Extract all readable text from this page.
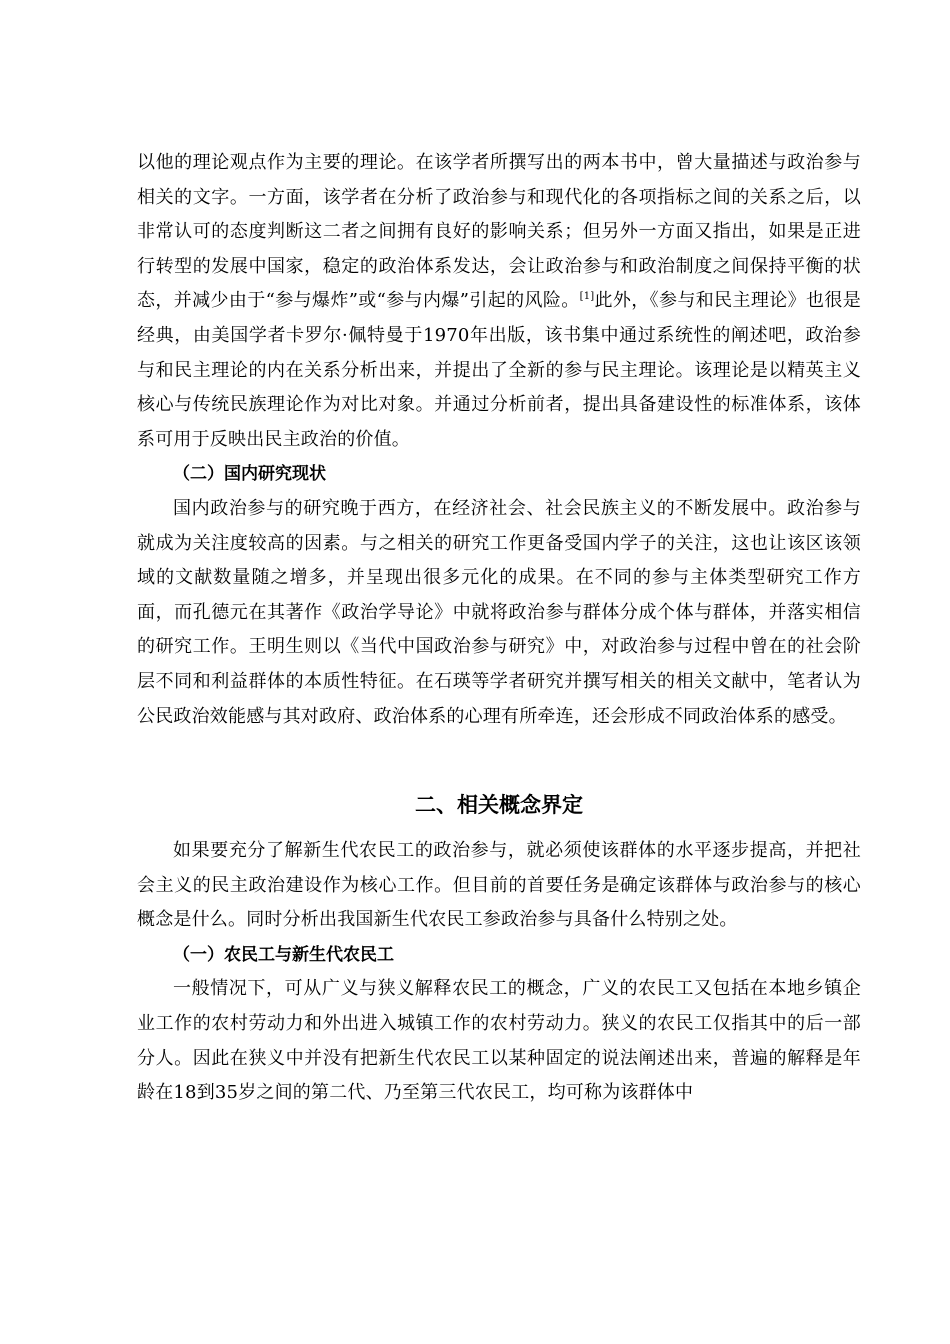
以他的理论观点作为主要的理论。在该学者所撰写出的两本书中，曾大量描述与政治参与相关的文字。一方面，该学者在分析了政治参与和现代化的各项指标之间的关系之后，以非常认可的态度判断这二者之间拥有良好的影响关系；但另外一方面又指出，如果是正进行转型的发展中国家，稳定的政治体系发达，会让政治参与和政治制度之间保持平衡的状态，并减少由于“参与爆炸”或“参与内爆”引起的风险。[1]此外，《参与和民主理论》也很是经典，由美国学者卡罗尔·佩特曼于1970年出版，该书集中通过系统性的阐述吧，政治参与和民主理论的内在关系分析出来，并提出了全新的参与民主理论。该理论是以精英主义核心与传统民族理论作为对比对象。并通过分析前者，提出具备建设性的标准体系，该体系可用于反映出民主政治的价值。

（二）国内研究现状

国内政治参与的研究晚于西方，在经济社会、社会民族主义的不断发展中。政治参与就成为关注度较高的因素。与之相关的研究工作更备受国内学子的关注，这也让该区该领域的文献数量随之增多，并呈现出很多元化的成果。在不同的参与主体类型研究工作方面，而孔德元在其著作《政治学导论》中就将政治参与群体分成个体与群体，并落实相信的研究工作。王明生则以《当代中国政治参与研究》中，对政治参与过程中曾在的社会阶层不同和利益群体的本质性特征。在石瑛等学者研究并撰写相关的相关文献中，笔者认为公民政治效能感与其对政府、政治体系的心理有所牵连，还会形成不同政治体系的感受。

二、相关概念界定

如果要充分了解新生代农民工的政治参与，就必须使该群体的水平逐步提高，并把社会主义的民主政治建设作为核心工作。但目前的首要任务是确定该群体与政治参与的核心概念是什么。同时分析出我国新生代农民工参政治参与具备什么特别之处。

（一）农民工与新生代农民工

一般情况下，可从广义与狭义解释农民工的概念，广义的农民工又包括在本地乡镇企业工作的农村劳动力和外出进入城镇工作的农村劳动力。狭义的农民工仅指其中的后一部分人。因此在狭义中并没有把新生代农民工以某种固定的说法阐述出来，普遍的解释是年龄在18到35岁之间的第二代、乃至第三代农民工，均可称为该群体中
